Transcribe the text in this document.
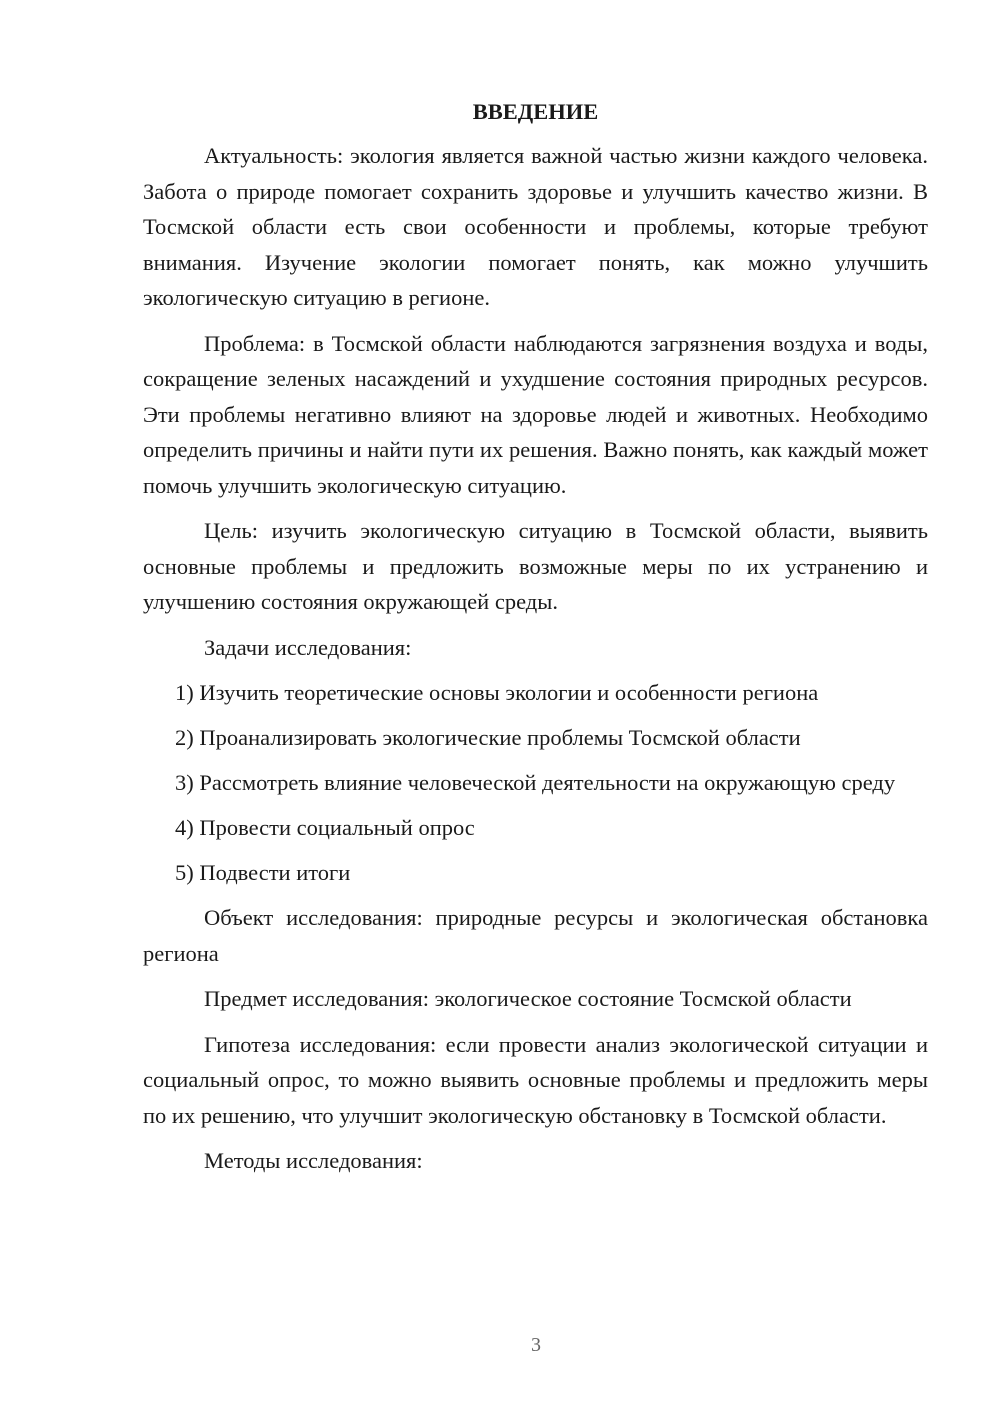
ВВЕДЕНИЕ

Актуальность: экология является важной частью жизни каждого человека. Забота о природе помогает сохранить здоровье и улучшить качество жизни. В Тосмской области есть свои особенности и проблемы, которые требуют внимания. Изучение экологии помогает понять, как можно улучшить экологическую ситуацию в регионе.

Проблема: в Тосмской области наблюдаются загрязнения воздуха и воды, сокращение зеленых насаждений и ухудшение состояния природных ресурсов. Эти проблемы негативно влияют на здоровье людей и животных. Необходимо определить причины и найти пути их решения. Важно понять, как каждый может помочь улучшить экологическую ситуацию.

Цель: изучить экологическую ситуацию в Тосмской области, выявить основные проблемы и предложить возможные меры по их устранению и улучшению состояния окружающей среды.

Задачи исследования:

1) Изучить теоретические основы экологии и особенности региона

2) Проанализировать экологические проблемы Тосмской области

3) Рассмотреть влияние человеческой деятельности на окружающую среду

4) Провести социальный опрос

5) Подвести итоги

Объект исследования: природные ресурсы и экологическая обстановка региона

Предмет исследования: экологическое состояние Тосмской области

Гипотеза исследования: если провести анализ экологической ситуации и социальный опрос, то можно выявить основные проблемы и предложить меры по их решению, что улучшит экологическую обстановку в Тосмской области.

Методы исследования:

3
